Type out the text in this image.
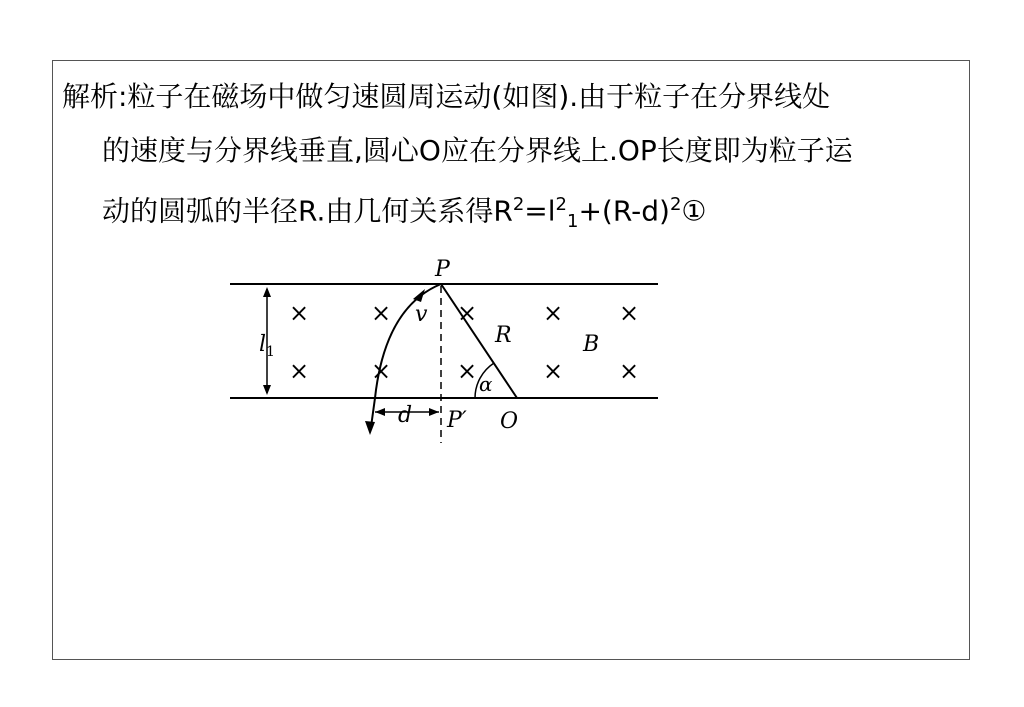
解析:粒子在磁场中做匀速圆周运动(如图).由于粒子在分界线处
的速度与分界线垂直,圆心O应在分界线上.OP长度即为粒子运
动的圆弧的半径R.由几何关系得$R^2=l^2_1+(R-d)^2①$
$l_1$
×	×	×	× ×
×	×	×	× ×
P
v
R	B
α
d P′ O
